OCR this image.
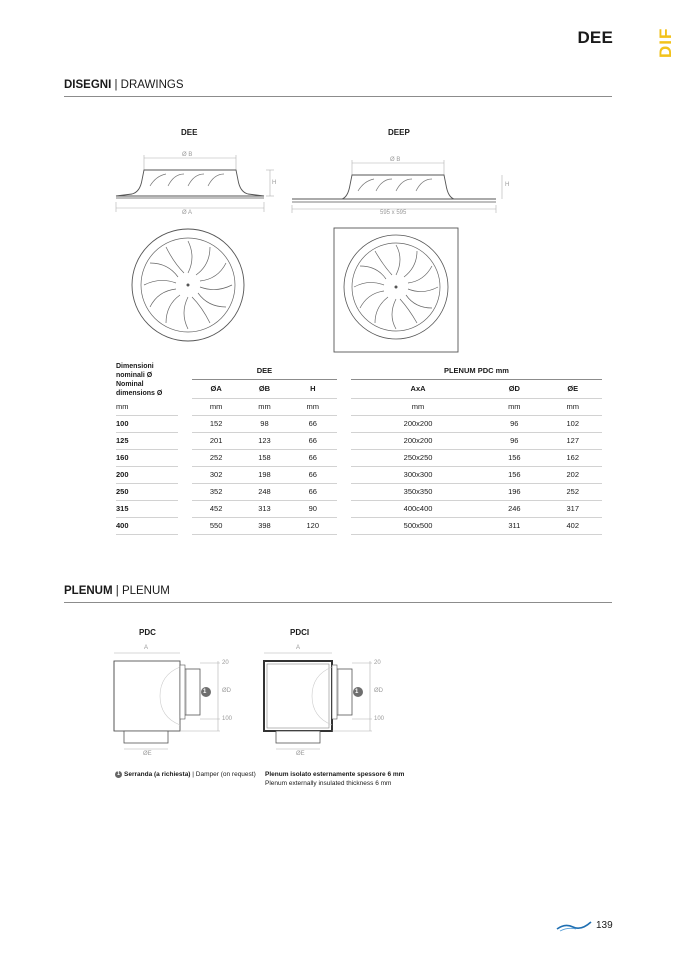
DEE	DIF
DISEGNI | DRAWINGS
DEE	DEEP
Ø B
Ø A
H
Ø B
595 x 595
H
Dimensioni nominali Ø
Nominal dimensions Ø		DEE				PLENUM PDC mm		
		ØA	ØB	H		AxA	ØD	ØE
mm		mm	mm	mm		mm	mm	mm
100		152	98	66		200x200	96	102
125		201	123	66		200x200	96	127
160		252	158	66		250x250	156	162
200		302	198	66		300x300	156	202
250		352	248	66		350x350	196	252
315		452	313	90		400c400	246	317
400		550	398	120		500x500	311	402
PLENUM | PLENUM
PDC	PDCI
A
20
1	ØD
100
ØE
A
20
1	ØD
100
ØE
1 Serranda (a richiesta) | Damper (on request) Plenum isolato esternamente spessore 6 mm
Plenum externally insulated thickness 6 mm
139
